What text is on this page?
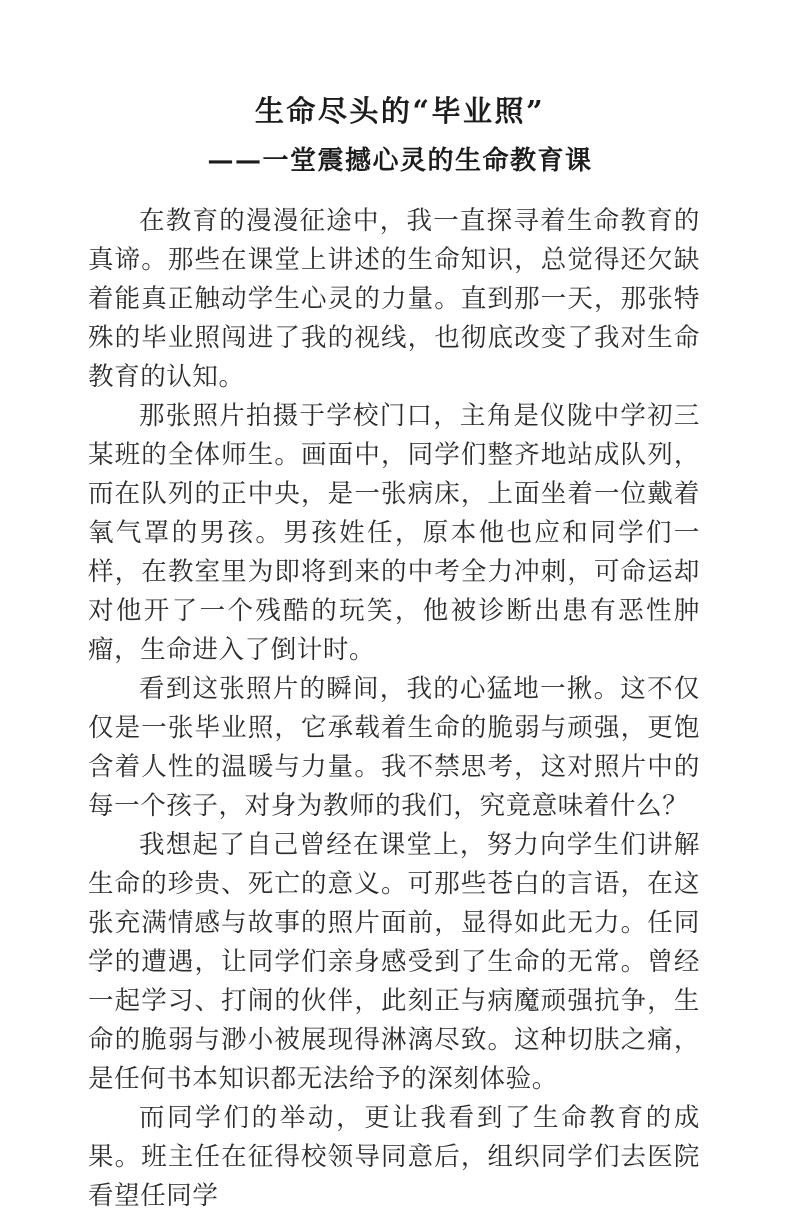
生命尽头的“毕业照”
——一堂震撼心灵的生命教育课

在教育的漫漫征途中，我一直探寻着生命教育的真谛。那些在课堂上讲述的生命知识，总觉得还欠缺着能真正触动学生心灵的力量。直到那一天，那张特殊的毕业照闯进了我的视线，也彻底改变了我对生命教育的认知。

那张照片拍摄于学校门口，主角是仪陇中学初三某班的全体师生。画面中，同学们整齐地站成队列，而在队列的正中央，是一张病床，上面坐着一位戴着氧气罩的男孩。男孩姓任，原本他也应和同学们一样，在教室里为即将到来的中考全力冲刺，可命运却对他开了一个残酷的玩笑，他被诊断出患有恶性肿瘤，生命进入了倒计时。

看到这张照片的瞬间，我的心猛地一揪。这不仅仅是一张毕业照，它承载着生命的脆弱与顽强，更饱含着人性的温暖与力量。我不禁思考，这对照片中的每一个孩子，对身为教师的我们，究竟意味着什么？

我想起了自己曾经在课堂上，努力向学生们讲解生命的珍贵、死亡的意义。可那些苍白的言语，在这张充满情感与故事的照片面前，显得如此无力。任同学的遭遇，让同学们亲身感受到了生命的无常。曾经一起学习、打闹的伙伴，此刻正与病魔顽强抗争，生命的脆弱与渺小被展现得淋漓尽致。这种切肤之痛，是任何书本知识都无法给予的深刻体验。

而同学们的举动，更让我看到了生命教育的成果。班主任在征得校领导同意后，组织同学们去医院看望任同学
